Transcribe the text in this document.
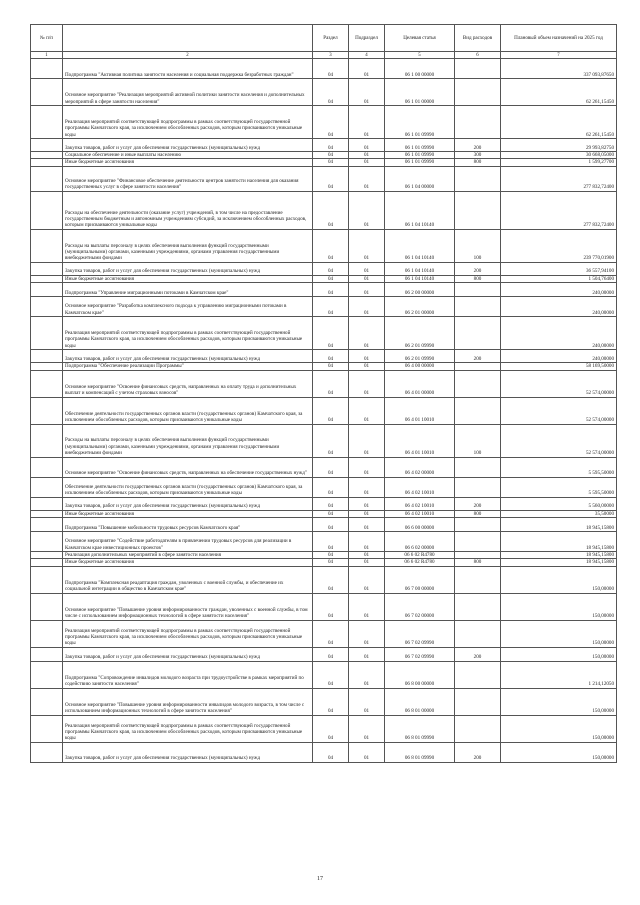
№ п/п		Раздел	Подраздел	Целевая статья	Вид расходов	Плановый объем назначений на 2025 год
1	2	3	4	5	6	7
	Подпрограмма "Активная политика занятости населения и социальная поддержка безработных граждан"	04	01	06 1 00 00000		337 093,87650
	Основное мероприятие "Реализация мероприятий активной политики занятости населения и дополнительных мероприятий в сфере занятости населения"	04	01	06 1 01 00000		62 261,15450
	Реализация мероприятий соответствующей подпрограммы в рамках соответствующей государственной программы Камчатского края, за исключением обособленных расходов, которым присваиваются уникальные коды	04	01	06 1 01 09990		62 261,15450
	Закупка товаров, работ и услуг для обеспечения государственных (муниципальных) нужд	04	01	06 1 01 09990	200	29 993,82750
	Социальное обеспечение и иные выплаты населению	04	01	06 1 01 09990	300	30 668,05000
	Иные бюджетные ассигнования	04	01	06 1 01 09990	800	1 599,27700
	Основное мероприятие "Финансовое обеспечение деятельности центров занятости населения для оказания государственных услуг в сфере занятости населения"	04	01	06 1 04 00000		277 832,72400
	Расходы на обеспечение деятельности (оказание услуг) учреждений, в том числе на предоставление государственным бюджетным и автономным учреждениям субсидий, за исключением обособленных расходов, которым присваиваются уникальные коды	04	01	06 1 04 10140		277 832,72400
	Расходы на выплаты персоналу в целях обеспечения выполнения функций государственными (муниципальными) органами, казенными учреждениями, органами управления государственными внебюджетными фондами	04	01	06 1 04 10140	100	239 770,01900
	Закупка товаров, работ и услуг для обеспечения государственных (муниципальных) нужд	04	01	06 1 04 10140	200	36 557,94100
	Иные бюджетные ассигнования	04	01	06 1 04 10140	800	1 504,76400
	Подпрограмма "Управление миграционными потоками в Камчатском крае"	04	01	06 2 00 00000		240,00000
	Основное мероприятие "Разработка комплексного подхода к управлению миграционными потоками в Камчатском крае"	04	01	06 2 01 00000		240,00000
	Реализация мероприятий соответствующей подпрограммы в рамках соответствующей государственной программы Камчатского края, за исключением обособленных расходов, которым присваиваются уникальные коды	04	01	06 2 01 09990		240,00000
	Закупка товаров, работ и услуг для обеспечения государственных (муниципальных) нужд	04	01	06 2 01 09990	200	240,00000
	Подпрограмма "Обеспечение реализации Программы"	04	01	06 4 00 00000		58 169,50000
	Основное мероприятие "Освоение финансовых средств, направленных на оплату труда и дополнительных выплат и компенсаций с учетом страховых взносов"	04	01	06 4 01 00000		52 574,00000
	Обеспечение деятельности государственных органов власти (государственных органов) Камчатского края, за исключением обособленных расходов, которым присваиваются уникальные коды	04	01	06 4 01 10010		52 574,00000
	Расходы на выплаты персоналу в целях обеспечения выполнения функций государственными (муниципальными) органами, казенными учреждениями, органами управления государственными внебюджетными фондами	04	01	06 4 01 10010	100	52 574,00000
	Основное мероприятие "Освоение финансовых средств, направленных на обеспечение государственных нужд"	04	01	06 4 02 00000		5 595,50000
	Обеспечение деятельности государственных органов власти (государственных органов) Камчатского края, за исключением обособленных расходов, которым присваиваются уникальные коды	04	01	06 4 02 10010		5 595,50000
	Закупка товаров, работ и услуг для обеспечения государственных (муниципальных) нужд	04	01	06 4 02 10010	200	5 560,00000
	Иные бюджетные ассигнования	04	01	06 4 02 10010	800	35,50000
	Подпрограмма "Повышение мобильности трудовых ресурсов Камчатского края"	04	01	06 6 00 00000		18 945,15800
	Основное мероприятие "Содействие работодателям в привлечении трудовых ресурсов для реализации в Камчатском крае инвестиционных проектов"	04	01	06 6 02 00000		18 945,15800
	Реализация дополнительных мероприятий в сфере занятости населения	04	01	06 6 02 R4780		18 945,15800
	Иные бюджетные ассигнования	04	01	06 6 02 R4780	800	18 945,15800
	Подпрограмма "Комплексная реадаптация граждан, уволенных с военной службы, и обеспечение их социальной интеграции в общество в Камчатском крае"	04	01	06 7 00 00000		150,00000
	Основное мероприятие "Повышение уровня информированности граждан, уволенных с военной службы, в том числе с использованием информационных технологий в сфере занятости населения"	04	01	06 7 02 00000		150,00000
	Реализация мероприятий соответствующей подпрограммы в рамках соответствующей государственной программы Камчатского края, за исключением обособленных расходов, которым присваиваются уникальные коды	04	01	06 7 02 09990		150,00000
	Закупка товаров, работ и услуг для обеспечения государственных (муниципальных) нужд	04	01	06 7 02 09990	200	150,00000
	Подпрограмма "Сопровождение инвалидов молодого возраста при трудоустройстве в рамках мероприятий по содействию занятости населения"	04	01	06 8 00 00000		1 214,12050
	Основное мероприятие "Повышение уровня информированности инвалидов молодого возраста, в том числе с использованием информационных технологий в сфере занятости населения"	04	01	06 8 01 00000		150,00000
	Реализация мероприятий соответствующей подпрограммы в рамках соответствующей государственной программы Камчатского края, за исключением обособленных расходов, которым присваиваются уникальные коды	04	01	06 8 01 09990		150,00000
	Закупка товаров, работ и услуг для обеспечения государственных (муниципальных) нужд	04	01	06 8 01 09990	200	150,00000
17
